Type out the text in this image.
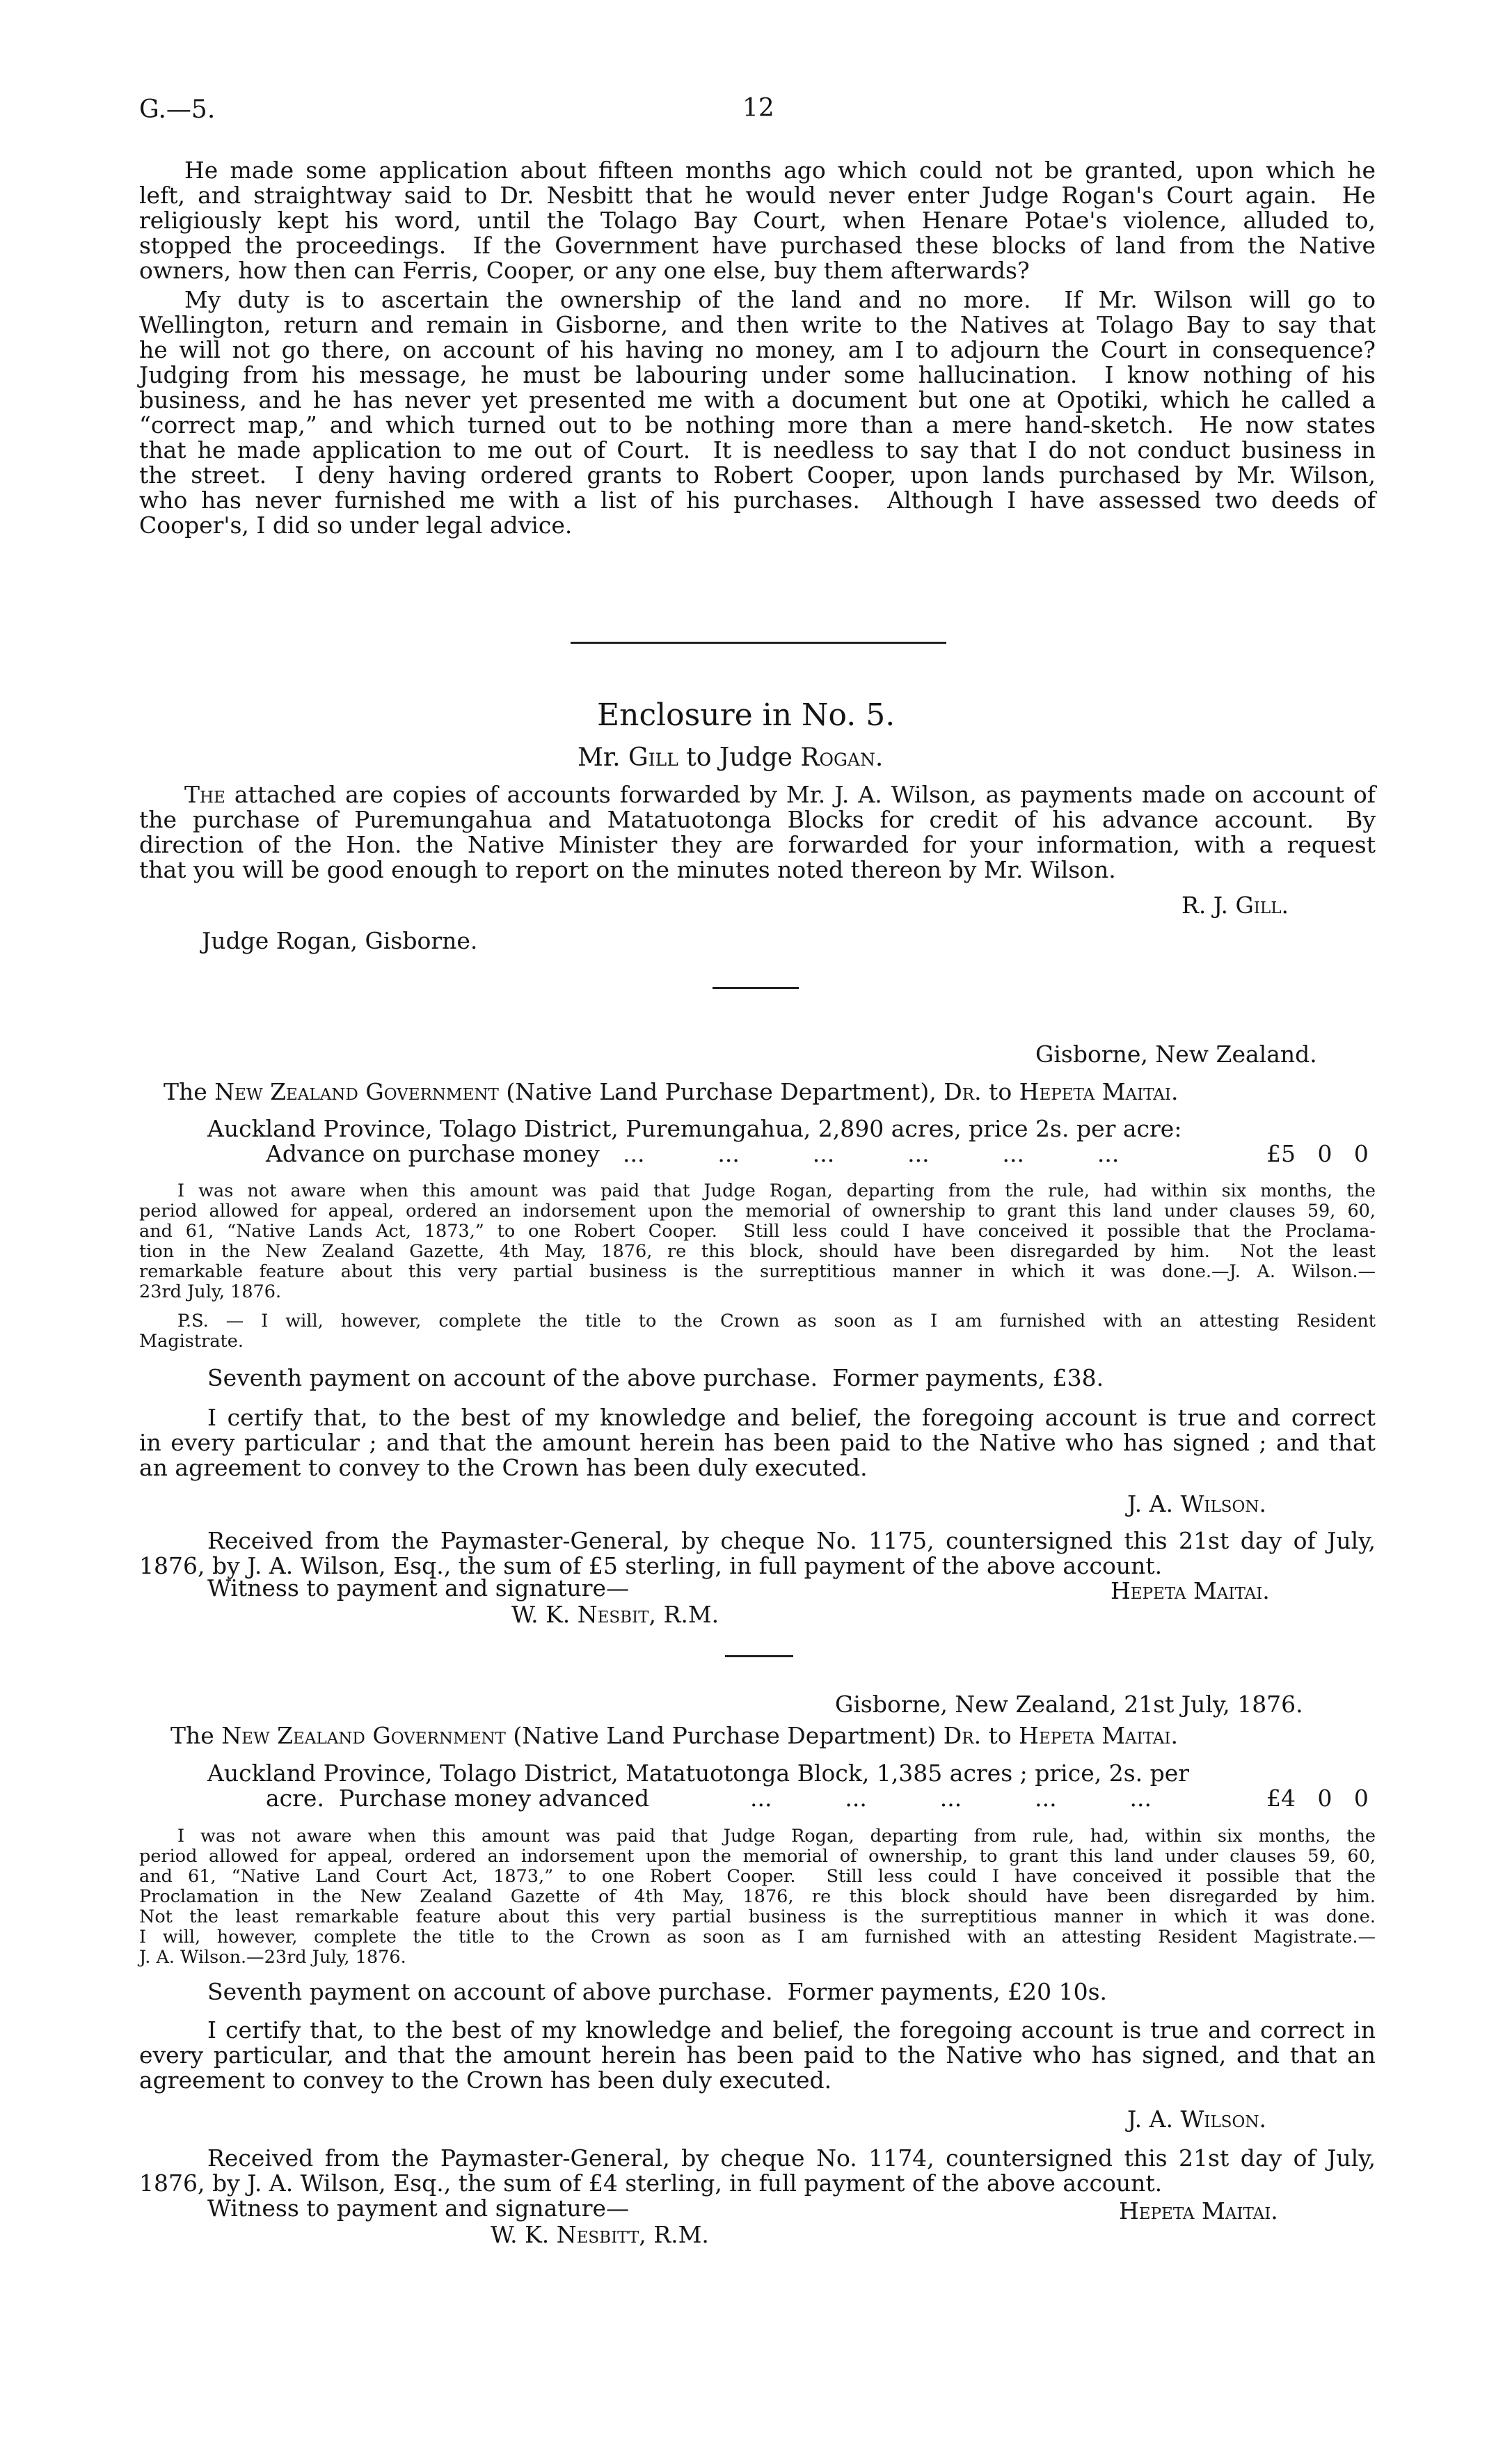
G.—5.	12
He made some application about fifteen months ago which could not be granted, upon which he
left, and straightway said to Dr. Nesbitt that he would never enter Judge Rogan's Court again.  He
religiously kept his word, until the Tolago Bay Court, when Henare Potae's violence, alluded to,
stopped the proceedings.  If the Government have purchased these blocks of land from the Native
owners, how then can Ferris, Cooper, or any one else, buy them afterwards?
My duty is to ascertain the ownership of the land and no more.  If Mr. Wilson will go to
Wellington, return and remain in Gisborne, and then write to the Natives at Tolago Bay to say that
he will not go there, on account of his having no money, am I to adjourn the Court in consequence?
Judging from his message, he must be labouring under some hallucination.  I know nothing of his
business, and he has never yet presented me with a document but one at Opotiki, which he called a
“correct map,” and which turned out to be nothing more than a mere hand-sketch.  He now states
that he made application to me out of Court.  It is needless to say that I do not conduct business in
the street.  I deny having ordered grants to Robert Cooper, upon lands purchased by Mr. Wilson,
who has never furnished me with a list of his purchases.  Although I have assessed two deeds of
Cooper's, I did so under legal advice.
Enclosure in No. 5.
Mr. Gill to Judge Rogan.
The attached are copies of accounts forwarded by Mr. J. A. Wilson, as payments made on account of
the purchase of Puremungahua and Matatuotonga Blocks for credit of his advance account.  By
direction of the Hon. the Native Minister they are forwarded for your information, with a request
that you will be good enough to report on the minutes noted thereon by Mr. Wilson.
R. J. Gill.
Judge Rogan, Gisborne.
Gisborne, New Zealand.
The New Zealand Government (Native Land Purchase Department), Dr. to Hepeta Maitai.
Auckland Province, Tolago District, Puremungahua, 2,890 acres, price 2s. per acre:
Advance on purchase money ...          ...          ...          ...          ...          ...	£5   0   0
I was not aware when this amount was paid that Judge Rogan, departing from the rule, had within six months, the
period allowed for appeal, ordered an indorsement upon the memorial of ownership to grant this land under clauses 59, 60,
and 61, “Native Lands Act, 1873,” to one Robert Cooper.  Still less could I have conceived it possible that the Proclama-
tion in the New Zealand Gazette, 4th May, 1876, re this block, should have been disregarded by him.  Not the least
remarkable feature about this very partial business is the surreptitious manner in which it was done.—J. A. Wilson.—
23rd July, 1876.
P.S. — I will, however, complete the title to the Crown as soon as I am furnished with an attesting Resident
Magistrate.
Seventh payment on account of the above purchase.  Former payments, £38.
I certify that, to the best of my knowledge and belief, the foregoing account is true and correct
in every particular ; and that the amount herein has been paid to the Native who has signed ; and that
an agreement to convey to the Crown has been duly executed.
J. A. Wilson.
Received from the Paymaster-General, by cheque No. 1175, countersigned this 21st day of July,
1876, by J. A. Wilson, Esq., the sum of £5 sterling, in full payment of the above account.
Witness to payment and signature—	Hepeta Maitai.
W. K. Nesbit, R.M.
Gisborne, New Zealand, 21st July, 1876.
The New Zealand Government (Native Land Purchase Department) Dr. to Hepeta Maitai.
Auckland Province, Tolago District, Matatuotonga Block, 1,385 acres ; price, 2s. per
acre.  Purchase money advanced	...          ...          ...          ...          ...	£4   0   0
I was not aware when this amount was paid that Judge Rogan, departing from rule, had, within six months, the
period allowed for appeal, ordered an indorsement upon the memorial of ownership, to grant this land under clauses 59, 60,
and 61, “Native Land Court Act, 1873,” to one Robert Cooper.  Still less could I have conceived it possible that the
Proclamation in the New Zealand Gazette of 4th May, 1876, re this block should have been disregarded by him.
Not the least remarkable feature about this very partial business is the surreptitious manner in which it was done.
I will, however, complete the title to the Crown as soon as I am furnished with an attesting Resident Magistrate.—
J. A. Wilson.—23rd July, 1876.
Seventh payment on account of above purchase.  Former payments, £20 10s.
I certify that, to the best of my knowledge and belief, the foregoing account is true and correct in
every particular, and that the amount herein has been paid to the Native who has signed, and that an
agreement to convey to the Crown has been duly executed.
J. A. Wilson.
Received from the Paymaster-General, by cheque No. 1174, countersigned this 21st day of July,
1876, by J. A. Wilson, Esq., the sum of £4 sterling, in full payment of the above account.
Witness to payment and signature—	Hepeta Maitai.
W. K. Nesbitt, R.M.
